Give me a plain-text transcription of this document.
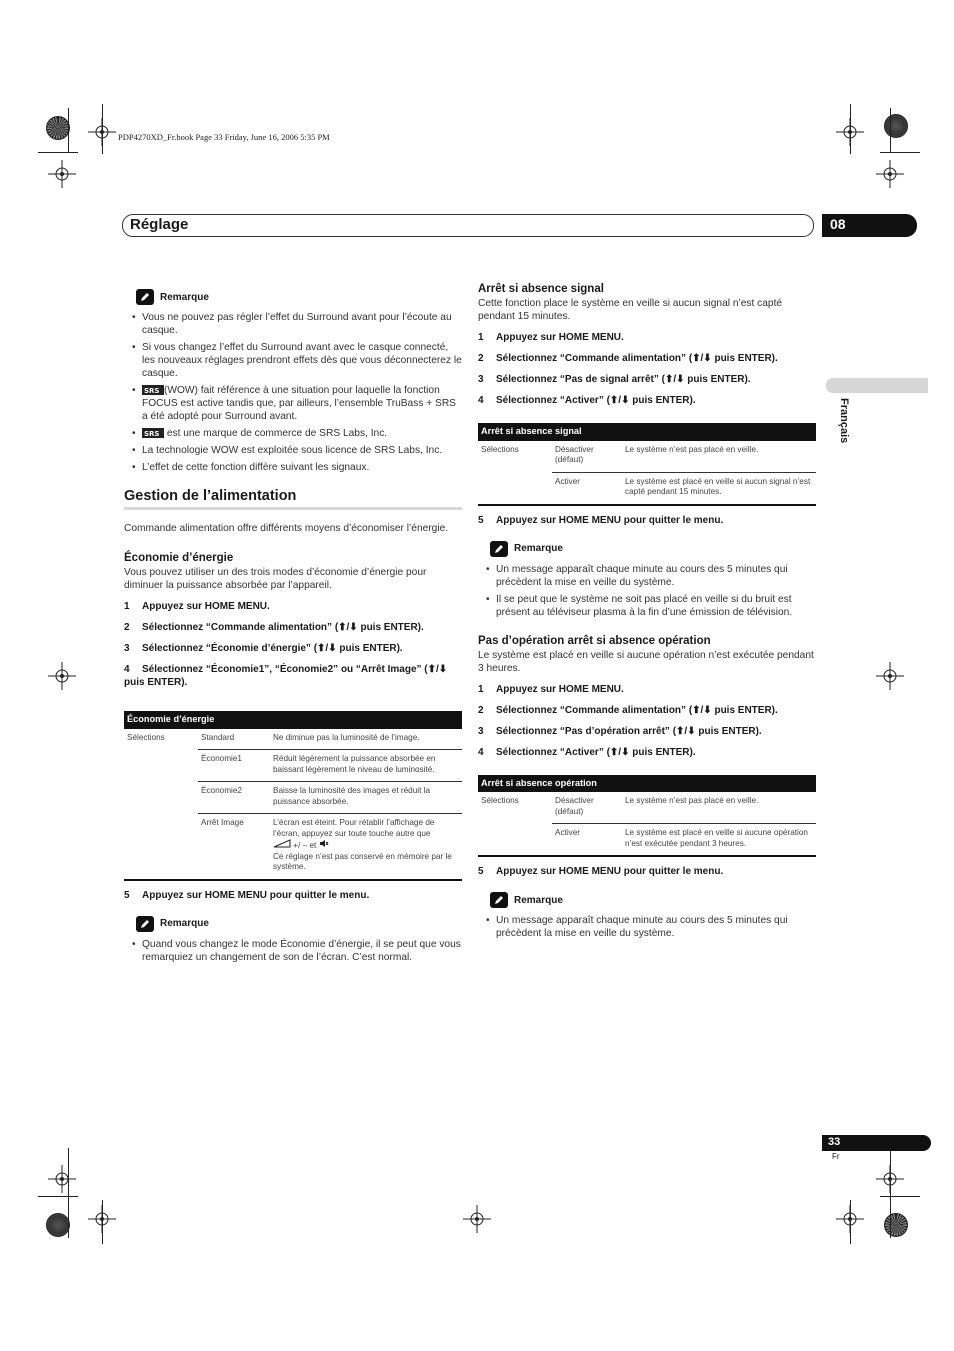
PDP4270XD_Fr.book Page 33 Friday, June 16, 2006 5:35 PM
Réglage	08
Français
Remarque
• Vous ne pouvez pas régler l’effet du Surround avant pour l’écoute au casque.
• Si vous changez l’effet du Surround avant avec le casque connecté, les nouveaux réglages prendront effets dès que vous déconnecterez le casque.
• SRS (WOW) fait référence à une situation pour laquelle la fonction FOCUS est active tandis que, par ailleurs, l’ensemble TruBass + SRS a été adopté pour Surround avant.
• SRS est une marque de commerce de SRS Labs, Inc.
• La technologie WOW est exploitée sous licence de SRS Labs, Inc.
• L’effet de cette fonction diffère suivant les signaux.
Gestion de l’alimentation

Commande alimentation offre différents moyens d’économiser l’énergie.

Économie d’énergie

Vous pouvez utiliser un des trois modes d’économie d’énergie pour diminuer la puissance absorbée par l’appareil.

1	Appuyez sur HOME MENU.
2	Sélectionnez “Commande alimentation” (⬆/⬇ puis ENTER).
3	Sélectionnez “Économie d’énergie” (⬆/⬇ puis ENTER).
4 Sélectionnez “Économie1”, “Économie2” ou “Arrêt Image” (⬆/⬇ puis ENTER).
Économie d’énergie		
Sélections	Standard	Ne diminue pas la luminosité de l’image.
	Économie1	Réduit légèrement la puissance absorbée en baissant légèrement le niveau de luminosité.
	Économie2	Baisse la luminosité des images et réduit la puissance absorbée.
	Arrêt Image	L’écran est éteint. Pour rétablir l’affichage de l’écran, appuyez sur toute touche autre que
+/ – et
Ce réglage n’est pas conservé en mémoire par le système.
5	Appuyez sur HOME MENU pour quitter le menu.
Remarque
• Quand vous changez le mode Économie d’énergie, il se peut que vous remarquiez un changement de son de l’écran. C’est normal.
Arrêt si absence signal

Cette fonction place le système en veille si aucun signal n’est capté pendant 15 minutes.

1	Appuyez sur HOME MENU.
2	Sélectionnez “Commande alimentation” (⬆/⬇ puis ENTER).
3	Sélectionnez “Pas de signal arrêt” (⬆/⬇ puis ENTER).
4	Sélectionnez “Activer” (⬆/⬇ puis ENTER).
Arrêt si absence signal		
Sélections	Désactiver (défaut)	Le système n’est pas placé en veille.
	Activer	Le système est placé en veille si aucun signal n’est capté pendant 15 minutes.
5	Appuyez sur HOME MENU pour quitter le menu.
Remarque
• Un message apparaît chaque minute au cours des 5 minutes qui précèdent la mise en veille du système.
• Il se peut que le système ne soit pas placé en veille si du bruit est présent au téléviseur plasma à la fin d’une émission de télévision.
Pas d’opération arrêt si absence opération

Le système est placé en veille si aucune opération n’est exécutée pendant 3 heures.

1	Appuyez sur HOME MENU.
2	Sélectionnez “Commande alimentation” (⬆/⬇ puis ENTER).
3	Sélectionnez “Pas d’opération arrêt” (⬆/⬇ puis ENTER).
4	Sélectionnez “Activer” (⬆/⬇ puis ENTER).
Arrêt si absence opération		
Sélections	Désactiver (défaut)	Le système n’est pas placé en veille.
	Activer	Le système est placé en veille si aucune opération n’est exécutée pendant 3 heures.
5	Appuyez sur HOME MENU pour quitter le menu.
Remarque
• Un message apparaît chaque minute au cours des 5 minutes qui précèdent la mise en veille du système.
33
Fr
